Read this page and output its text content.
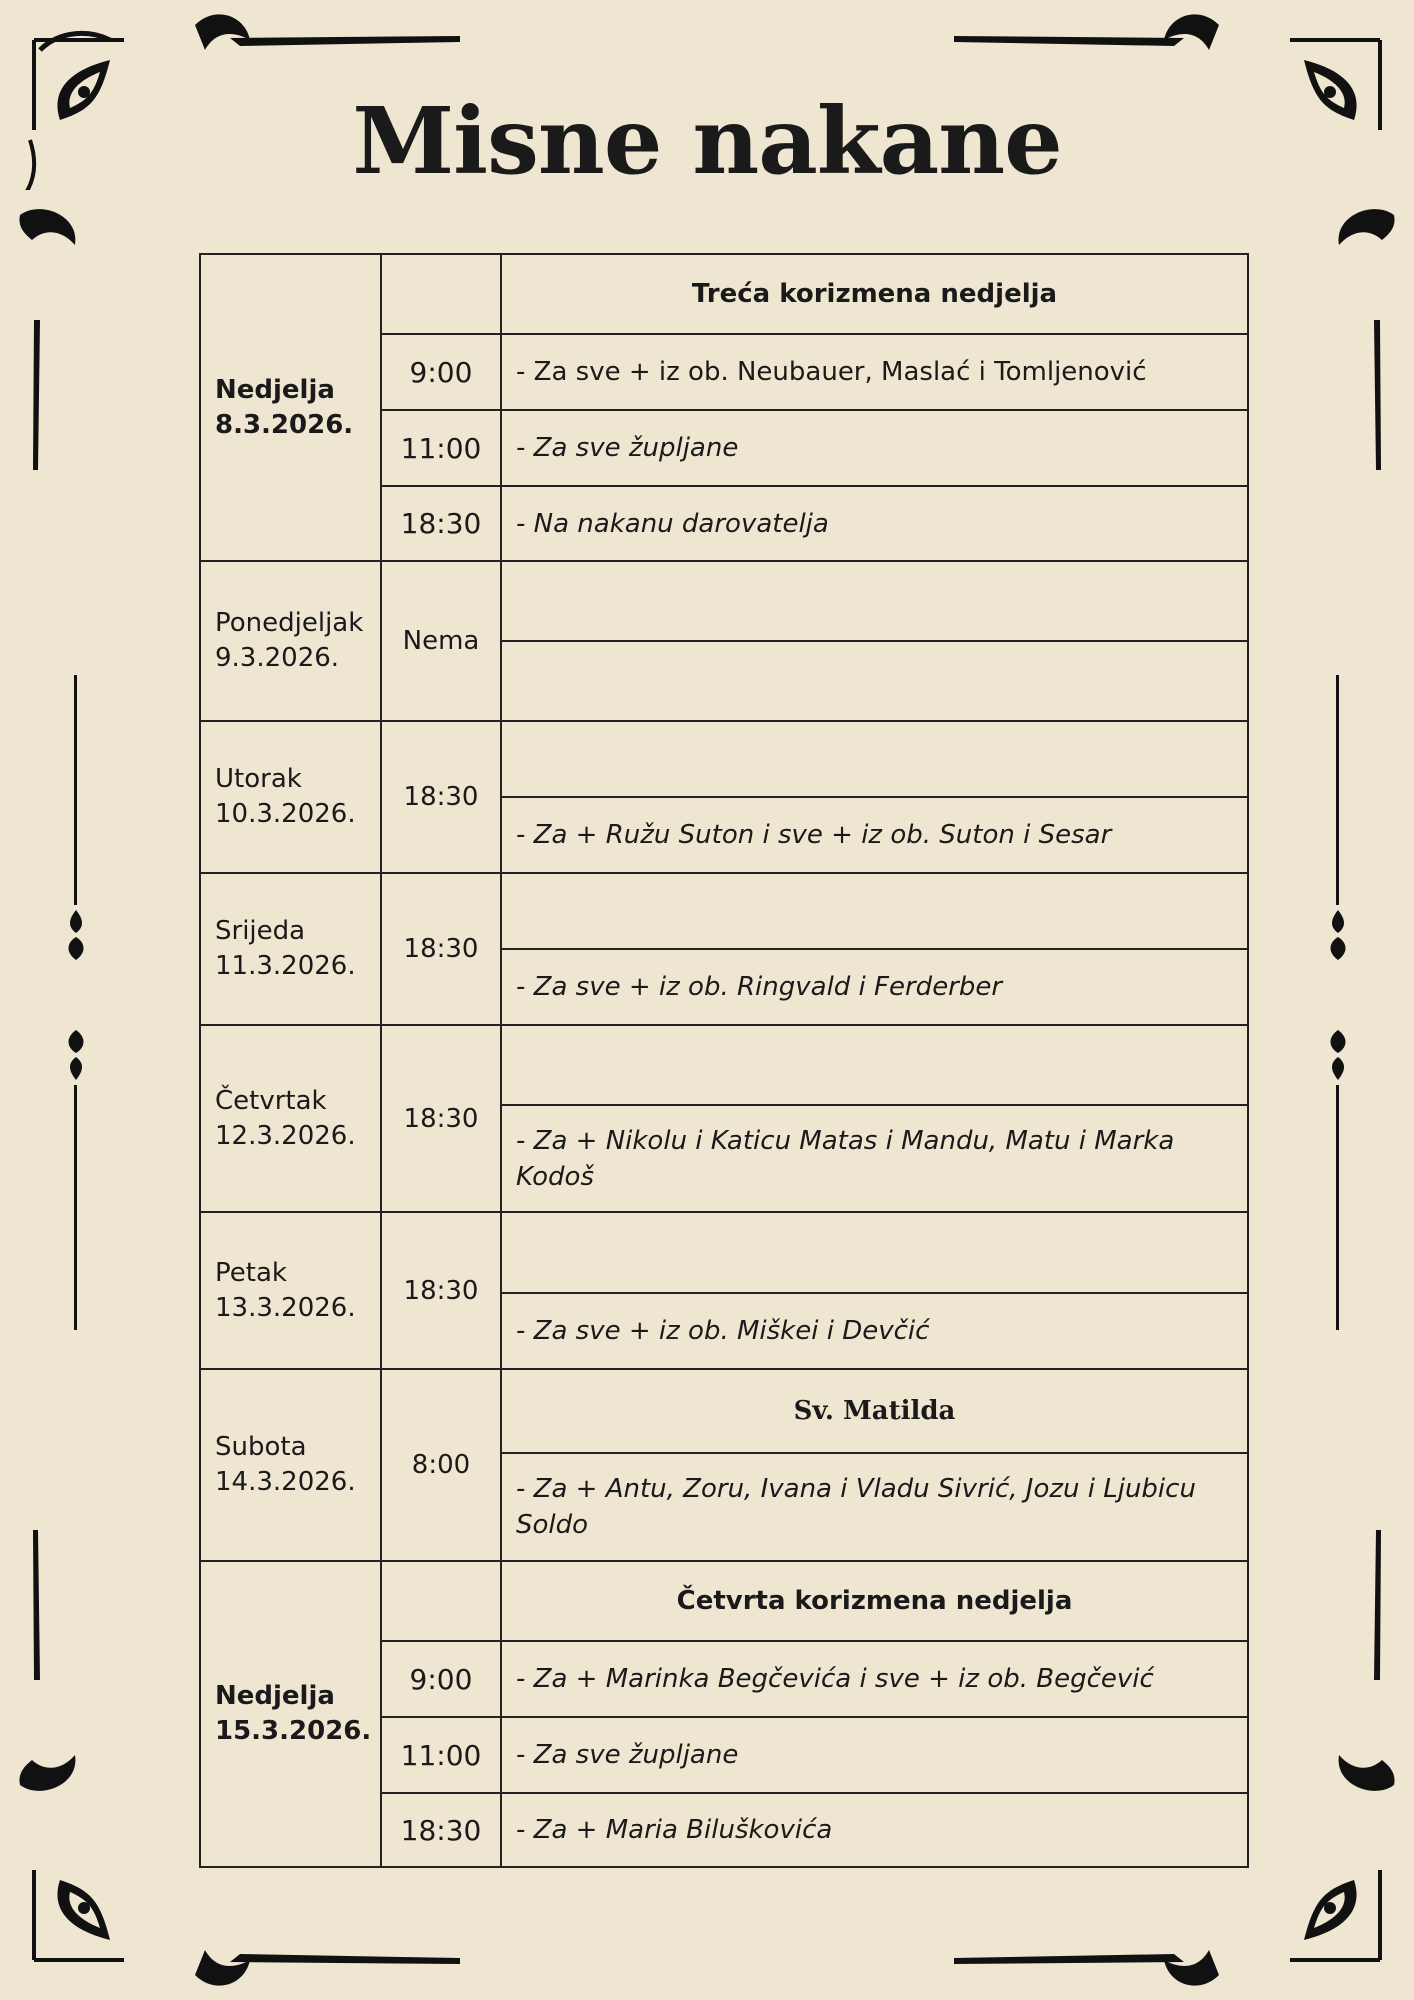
Misne nakane
Nedjelja
8.3.2026.		Treća korizmena nedjelja
	9:00	- Za sve + iz ob. Neubauer, Maslać i Tomljenović
	11:00	- Za sve župljane
	18:30	- Na nakanu darovatelja
Ponedjeljak
9.3.2026.	Nema	

Utorak
10.3.2026.	18:30	
		- Za + Ružu Suton i sve + iz ob. Suton i Sesar
Srijeda
11.3.2026.	18:30	
		- Za sve + iz ob. Ringvald i Ferderber
Četvrtak
12.3.2026.	18:30	
		- Za + Nikolu i Katicu Matas i Mandu, Matu i Marka Kodoš
Petak
13.3.2026.	18:30	
		- Za sve + iz ob. Miškei i Devčić
Subota
14.3.2026.	8:00	Sv. Matilda
		- Za + Antu, Zoru, Ivana i Vladu Sivrić, Jozu i Ljubicu Soldo
Nedjelja
15.3.2026.		Četvrta korizmena nedjelja
	9:00	- Za + Marinka Begčevića i sve + iz ob. Begčević
	11:00	- Za sve župljane
	18:30	- Za + Maria Biluškovića
